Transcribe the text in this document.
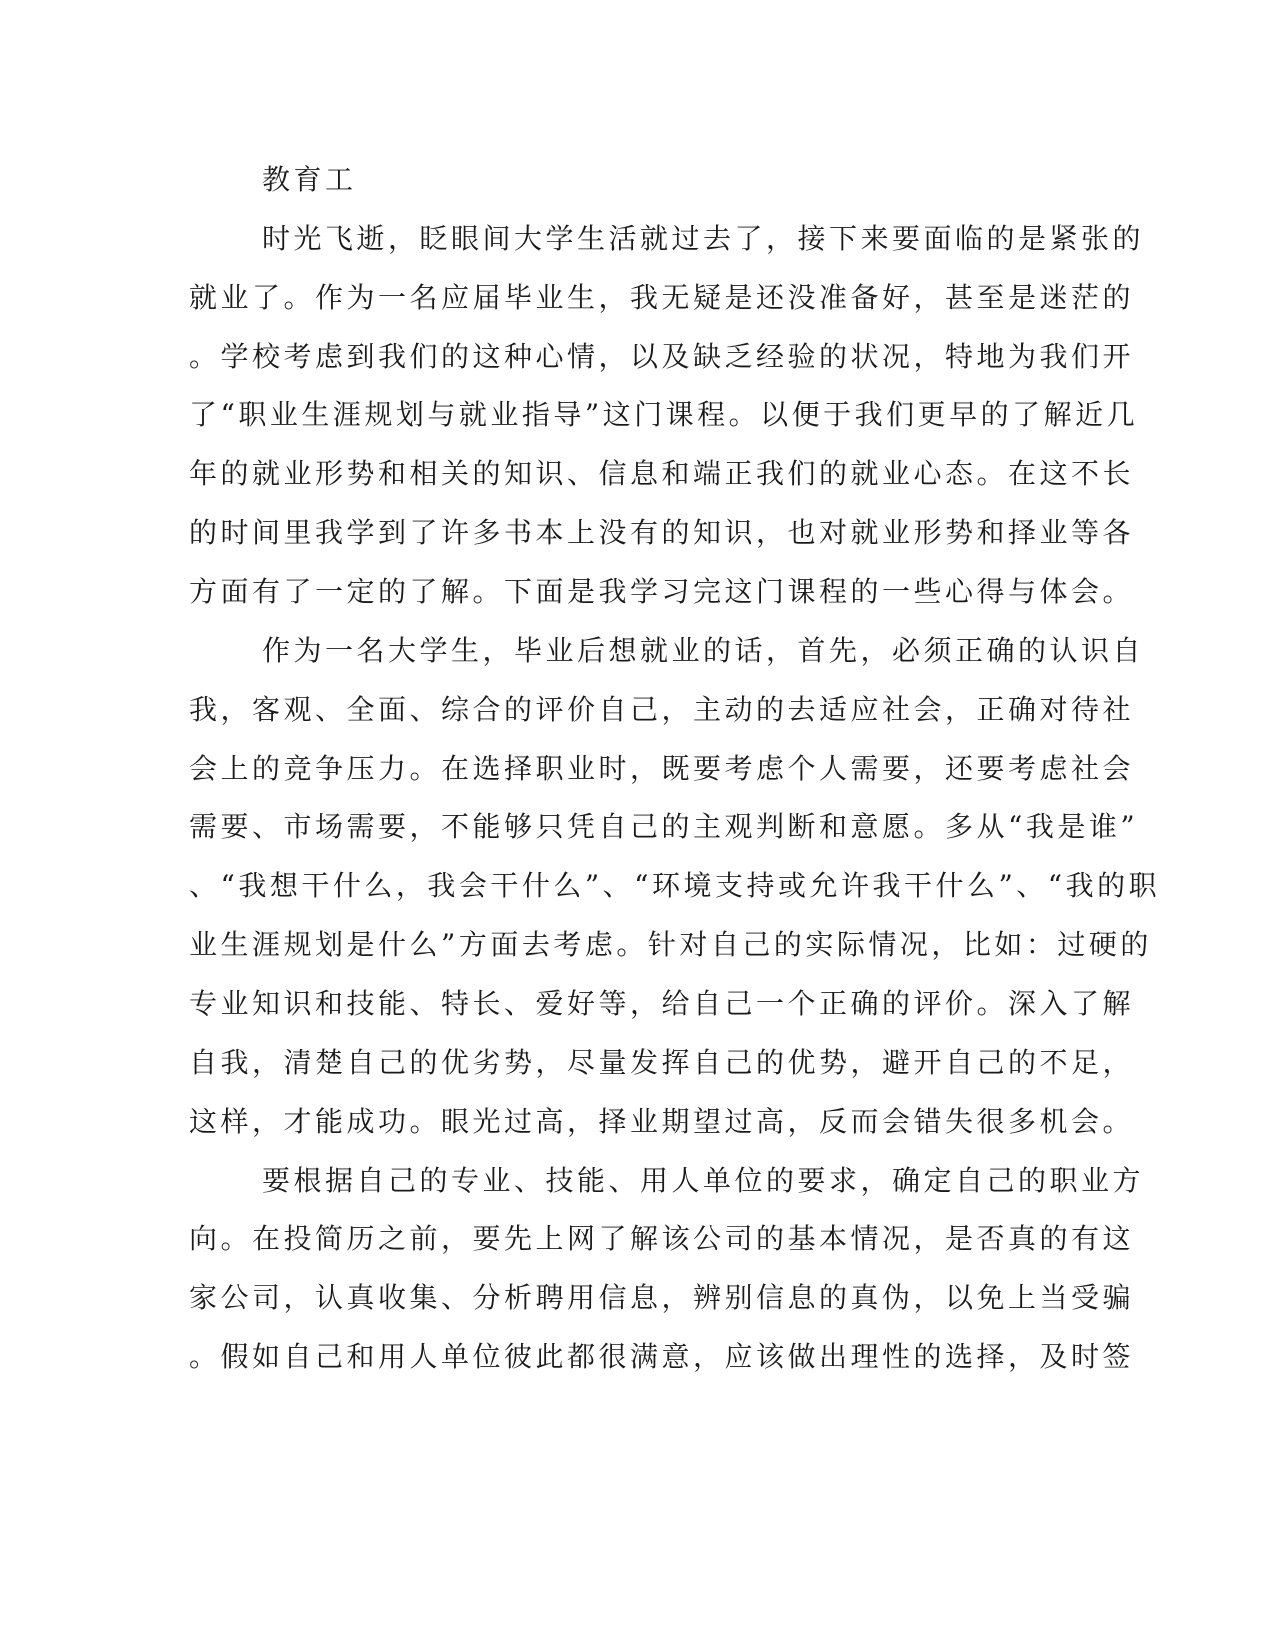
教育工
时光飞逝，眨眼间大学生活就过去了，接下来要面临的是紧张的
就业了。作为一名应届毕业生，我无疑是还没准备好，甚至是迷茫的
。学校考虑到我们的这种心情，以及缺乏经验的状况，特地为我们开
了“职业生涯规划与就业指导”这门课程。以便于我们更早的了解近几
年的就业形势和相关的知识、信息和端正我们的就业心态。在这不长
的时间里我学到了许多书本上没有的知识，也对就业形势和择业等各
方面有了一定的了解。下面是我学习完这门课程的一些心得与体会。
作为一名大学生，毕业后想就业的话，首先，必须正确的认识自
我，客观、全面、综合的评价自己，主动的去适应社会，正确对待社
会上的竞争压力。在选择职业时，既要考虑个人需要，还要考虑社会
需要、市场需要，不能够只凭自己的主观判断和意愿。多从“我是谁”
、“我想干什么，我会干什么”、“环境支持或允许我干什么”、“我的职
业生涯规划是什么”方面去考虑。针对自己的实际情况，比如：过硬的
专业知识和技能、特长、爱好等，给自己一个正确的评价。深入了解
自我，清楚自己的优劣势，尽量发挥自己的优势，避开自己的不足，
这样，才能成功。眼光过高，择业期望过高，反而会错失很多机会。
要根据自己的专业、技能、用人单位的要求，确定自己的职业方
向。在投简历之前，要先上网了解该公司的基本情况，是否真的有这
家公司，认真收集、分析聘用信息，辨别信息的真伪，以免上当受骗
。假如自己和用人单位彼此都很满意，应该做出理性的选择，及时签
